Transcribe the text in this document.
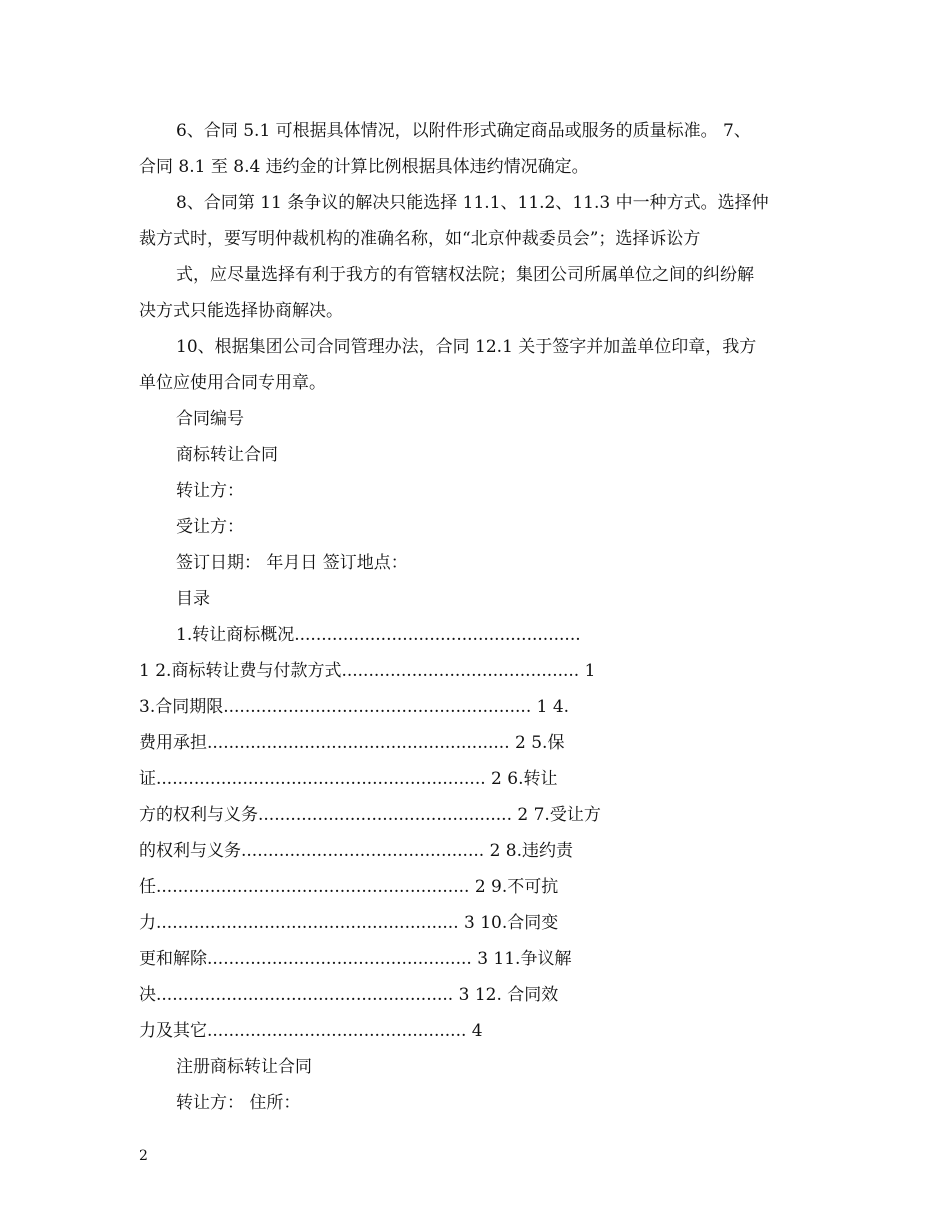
6、合同 5.1 可根据具体情况，以附件形式确定商品或服务的质量标准。 7、
合同 8.1 至 8.4 违约金的计算比例根据具体违约情况确定。
8、合同第 11 条争议的解决只能选择 11.1、11.2、11.3 中一种方式。选择仲
裁方式时，要写明仲裁机构的准确名称，如“北京仲裁委员会”；选择诉讼方
式，应尽量选择有利于我方的有管辖权法院；集团公司所属单位之间的纠纷解
决方式只能选择协商解决。
10、根据集团公司合同管理办法，合同 12.1 关于签字并加盖单位印章，我方
单位应使用合同专用章。
合同编号
商标转让合同
转让方：
受让方：
签订日期： 年月日 签订地点：
目录
1.转让商标概况.....................................................
1 2.商标转让费与付款方式............................................ 1
3.合同期限......................................................... 1 4.
费用承担........................................................ 2 5.保
证............................................................. 2 6.转让
方的权利与义务............................................... 2 7.受让方
的权利与义务............................................. 2 8.违约责
任.......................................................... 2 9.不可抗
力........................................................ 3 10.合同变
更和解除................................................. 3 11.争议解
决....................................................... 3 12. 合同效
力及其它................................................ 4
注册商标转让合同
转让方： 住所：
2
